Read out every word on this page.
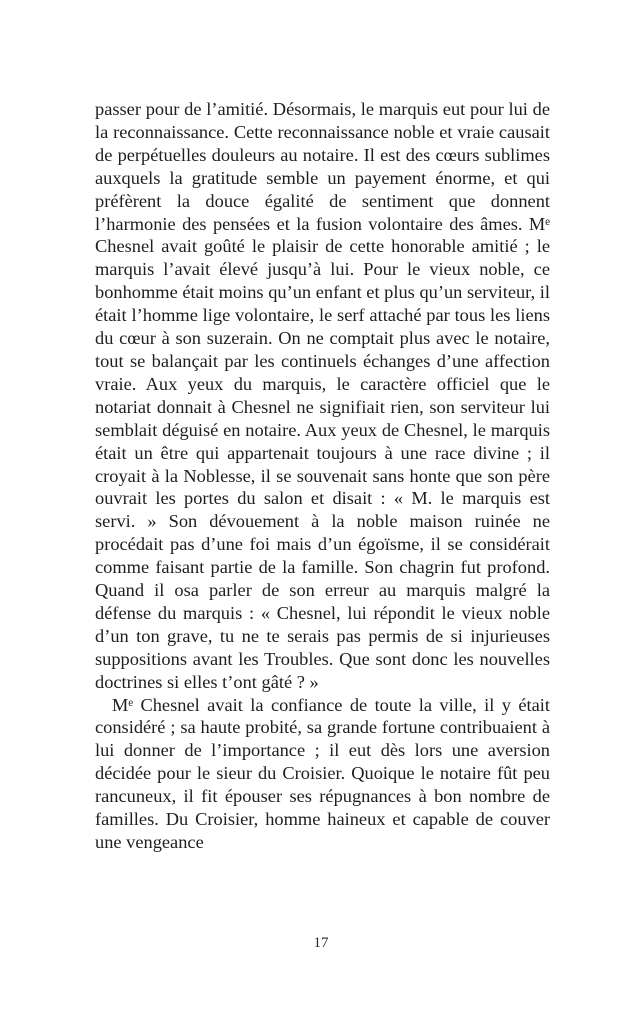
passer pour de l’amitié. Désormais, le marquis eut pour lui de la reconnaissance. Cette reconnaissance noble et vraie causait de perpétuelles douleurs au notaire. Il est des cœurs sublimes auxquels la gratitude semble un payement énorme, et qui préfèrent la douce égalité de sentiment que donnent l’harmonie des pensées et la fusion volontaire des âmes. Mᵉ Chesnel avait goûté le plaisir de cette honorable amitié ; le marquis l’avait élevé jusqu’à lui. Pour le vieux noble, ce bonhomme était moins qu’un enfant et plus qu’un serviteur, il était l’homme lige volontaire, le serf attaché par tous les liens du cœur à son suzerain. On ne comptait plus avec le notaire, tout se balançait par les continuels échanges d’une affection vraie. Aux yeux du marquis, le caractère officiel que le notariat donnait à Chesnel ne signifiait rien, son serviteur lui semblait déguisé en notaire. Aux yeux de Chesnel, le marquis était un être qui appartenait toujours à une race divine ; il croyait à la Noblesse, il se souvenait sans honte que son père ouvrait les portes du salon et disait : « M. le marquis est servi. » Son dévouement à la noble maison ruinée ne procédait pas d’une foi mais d’un égoïsme, il se considérait comme faisant partie de la famille. Son chagrin fut profond. Quand il osa parler de son erreur au marquis malgré la défense du marquis : « Chesnel, lui répondit le vieux noble d’un ton grave, tu ne te serais pas permis de si injurieuses suppositions avant les Troubles. Que sont donc les nouvelles doctrines si elles t’ont gâté ? »

Mᵉ Chesnel avait la confiance de toute la ville, il y était considéré ; sa haute probité, sa grande fortune contribuaient à lui donner de l’importance ; il eut dès lors une aversion décidée pour le sieur du Croisier. Quoique le notaire fût peu rancuneux, il fit épouser ses répugnances à bon nombre de familles. Du Croisier, homme haineux et capable de couver une vengeance

17
